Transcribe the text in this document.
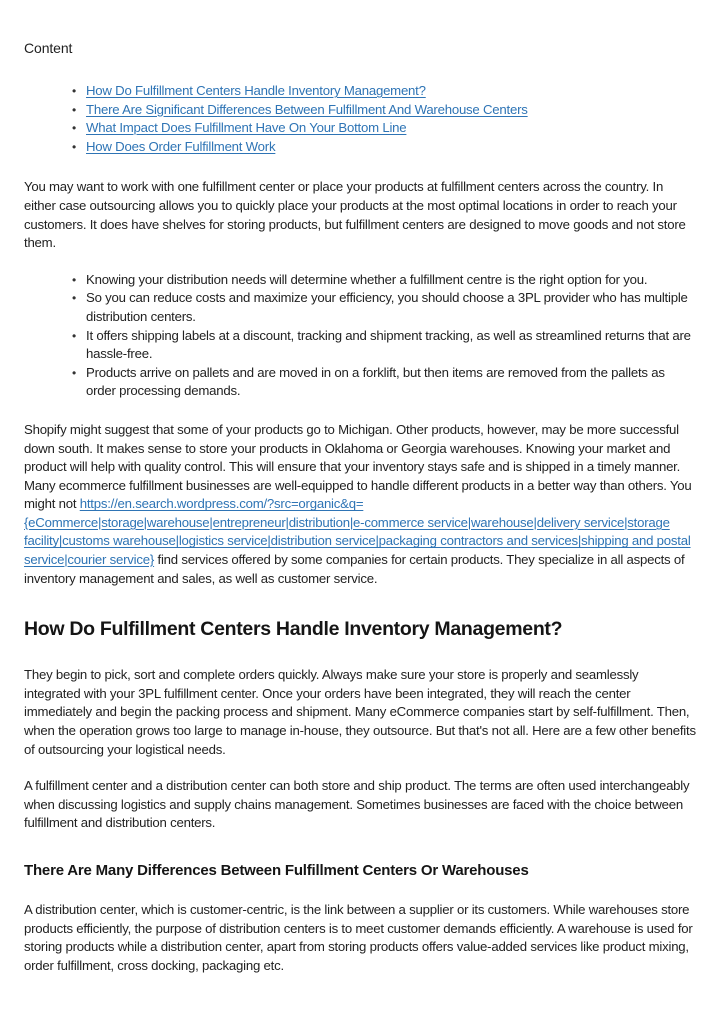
Content
• How Do Fulfillment Centers Handle Inventory Management?
• There Are Significant Differences Between Fulfillment And Warehouse Centers
• What Impact Does Fulfillment Have On Your Bottom Line
• How Does Order Fulfillment Work

You may want to work with one fulfillment center or place your products at fulfillment centers across the country. In either case outsourcing allows you to quickly place your products at the most optimal locations in order to reach your customers. It does have shelves for storing products, but fulfillment centers are designed to move goods and not store them.

• Knowing your distribution needs will determine whether a fulfillment centre is the right option for you.
• So you can reduce costs and maximize your efficiency, you should choose a 3PL provider who has multiple distribution centers.
• It offers shipping labels at a discount, tracking and shipment tracking, as well as streamlined returns that are hassle-free.
• Products arrive on pallets and are moved in on a forklift, but then items are removed from the pallets as order processing demands.

Shopify might suggest that some of your products go to Michigan. Other products, however, may be more successful down south. It makes sense to store your products in Oklahoma or Georgia warehouses. Knowing your market and product will help with quality control. This will ensure that your inventory stays safe and is shipped in a timely manner. Many ecommerce fulfillment businesses are well-equipped to handle different products in a better way than others. You might not https://en.search.wordpress.com/?src=organic&q={eCommerce|storage|warehouse|entrepreneur|distribution|e-commerce service|warehouse|delivery service|storage facility|customs warehouse|logistics service|distribution service|packaging contractors and services|shipping and postal service|courier service} find services offered by some companies for certain products. They specialize in all aspects of inventory management and sales, as well as customer service.

How Do Fulfillment Centers Handle Inventory Management?

They begin to pick, sort and complete orders quickly. Always make sure your store is properly and seamlessly integrated with your 3PL fulfillment center. Once your orders have been integrated, they will reach the center immediately and begin the packing process and shipment. Many eCommerce companies start by self-fulfillment. Then, when the operation grows too large to manage in-house, they outsource. But that's not all. Here are a few other benefits of outsourcing your logistical needs.

A fulfillment center and a distribution center can both store and ship product. The terms are often used interchangeably when discussing logistics and supply chains management. Sometimes businesses are faced with the choice between fulfillment and distribution centers.

There Are Many Differences Between Fulfillment Centers Or Warehouses

A distribution center, which is customer-centric, is the link between a supplier or its customers. While warehouses store products efficiently, the purpose of distribution centers is to meet customer demands efficiently. A warehouse is used for storing products while a distribution center, apart from storing products offers value-added services like product mixing, order fulfillment, cross docking, packaging etc.
